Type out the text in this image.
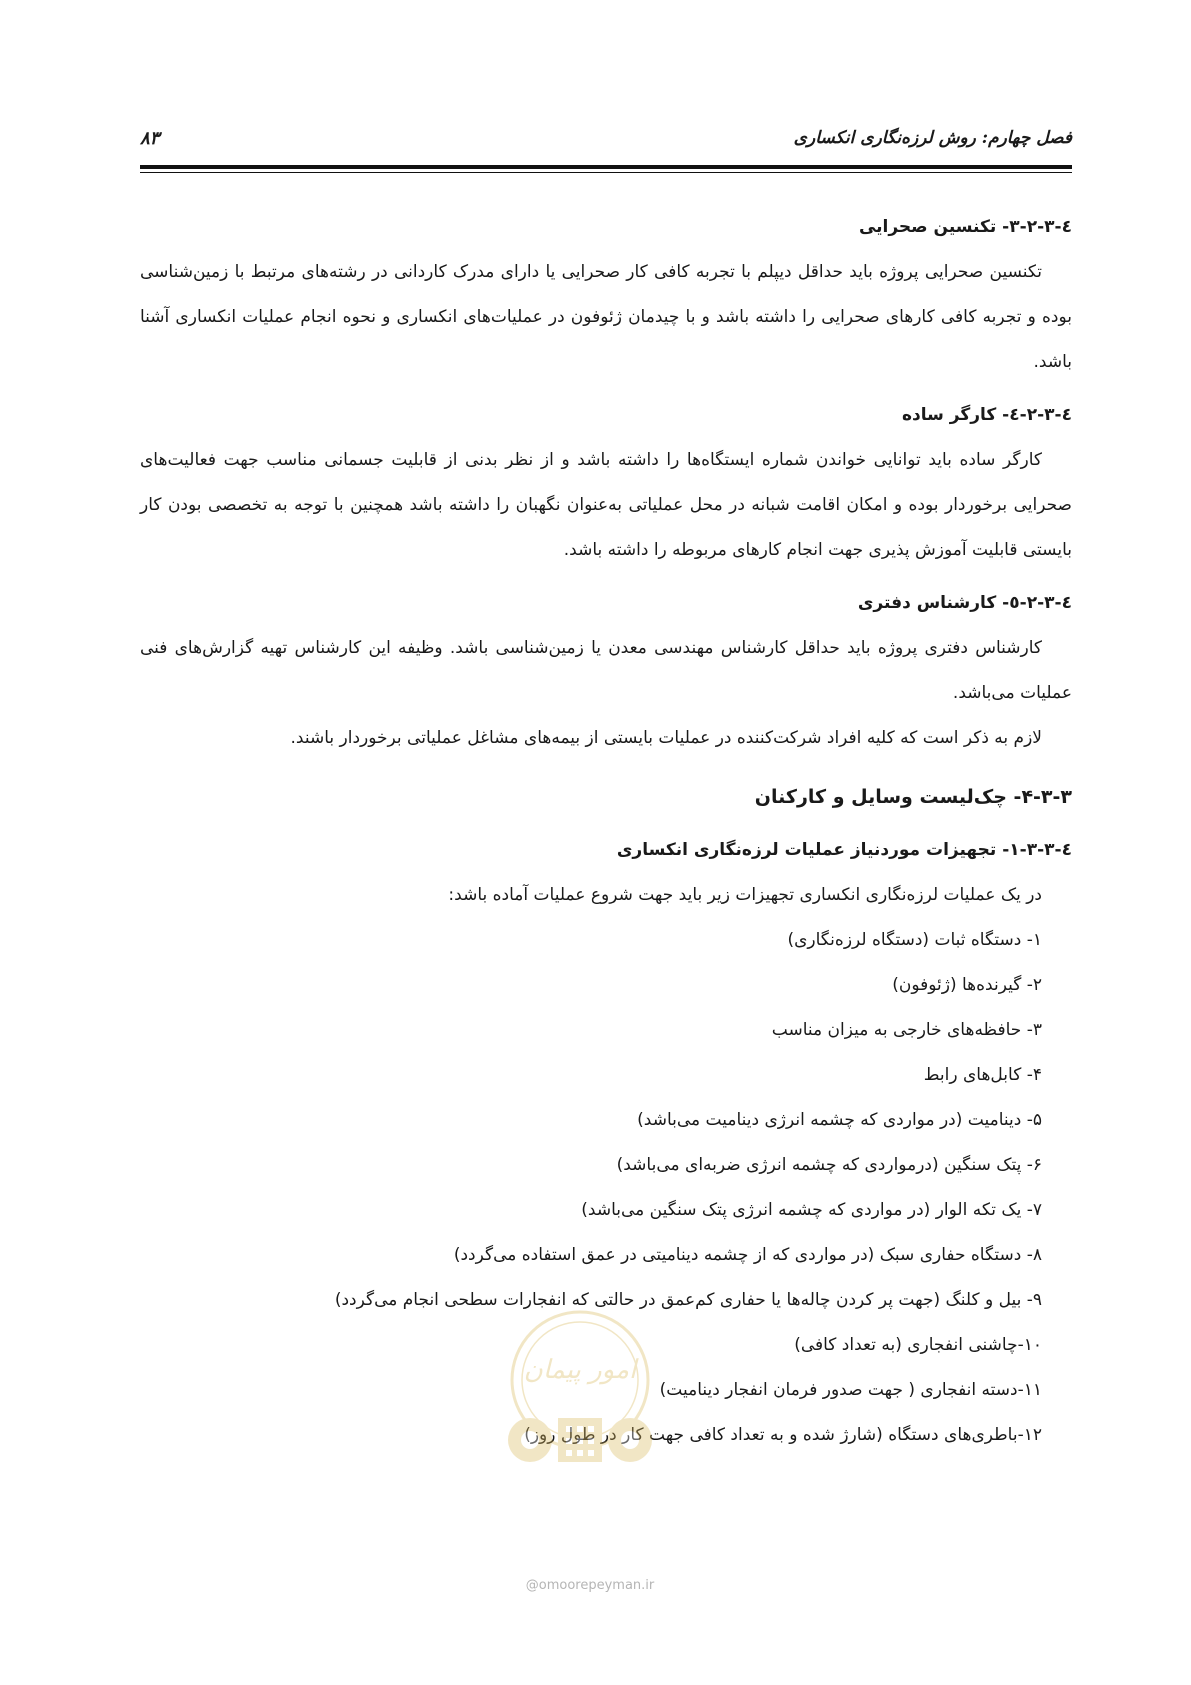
فصل چهارم: روش لرزه‌نگاری انکساری
۸۳
٤-٣-٢-٣- تکنسین صحرایی

تکنسین صحرایی پروژه باید حداقل دیپلم با تجربه کافی کار صحرایی یا دارای مدرک کاردانی در رشته‌های مرتبط با زمین‌شناسی بوده و تجربه کافی کارهای صحرایی را داشته باشد و با چیدمان ژئوفون در عملیات‌های انکساری و نحوه انجام عملیات انکساری آشنا باشد.

٤-٣-٢-٤- کارگر ساده

کارگر ساده باید توانایی خواندن شماره ایستگاه‌ها را داشته باشد و از نظر بدنی از قابلیت جسمانی مناسب جهت فعالیت‌های صحرایی برخوردار بوده و امکان اقامت شبانه در محل عملیاتی به‌عنوان نگهبان را داشته باشد همچنین با توجه به تخصصی بودن کار بایستی قابلیت آموزش پذیری جهت انجام کارهای مربوطه را داشته باشد.

٤-٣-٢-٥- کارشناس دفتری

کارشناس دفتری پروژه باید حداقل کارشناس مهندسی معدن یا زمین‌شناسی باشد. وظیفه این کارشناس تهیه گزارش‌های فنی عملیات می‌باشد.

لازم به ذکر است که کلیه افراد شرکت‌کننده در عملیات بایستی از بیمه‌های مشاغل عملیاتی برخوردار باشند.

۴-۳-۳- چک‌لیست وسایل و کارکنان
٤-٣-٣-١- تجهیزات موردنیاز عملیات لرزه‌نگاری انکساری

در یک عملیات لرزه‌نگاری انکساری تجهیزات زیر باید جهت شروع عملیات آماده باشد:

۱- دستگاه ثبات (دستگاه لرزه‌نگاری)
۲- گیرنده‌ها (ژئوفون)
۳- حافظه‌های خارجی به میزان مناسب
۴- کابل‌های رابط
۵- دینامیت (در مواردی که چشمه انرژی دینامیت می‌باشد)
۶- پتک سنگین (درمواردی که چشمه انرژی ضربه‌ای می‌باشد)
۷- یک تکه الوار (در مواردی که چشمه انرژی پتک سنگین می‌باشد)
۸- دستگاه حفاری سبک (در مواردی که از چشمه دینامیتی در عمق استفاده می‌گردد)
۹- بیل و کلنگ (جهت پر کردن چاله‌ها یا حفاری کم‌عمق در حالتی که انفجارات سطحی انجام می‌گردد)
۱۰-چاشنی انفجاری (به تعداد کافی)
۱۱-دسته انفجاری ( جهت صدور فرمان انفجار دینامیت)
۱۲-باطری‌های دستگاه (شارژ شده و به تعداد کافی جهت کار در طول روز)
امور پیمان
@omoorepeyman.ir
